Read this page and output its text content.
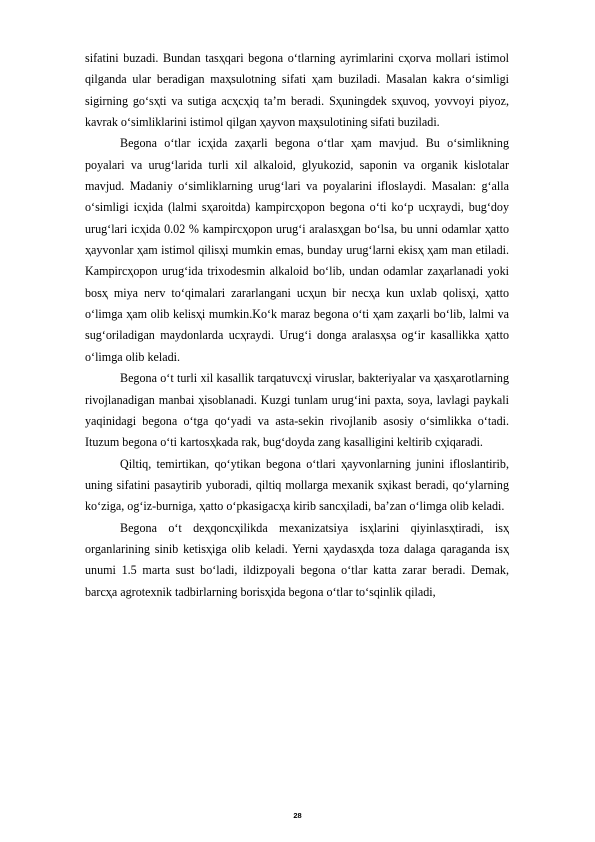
sifatini buzadi. Bundan tasҳqari begona o‘tlarning ayrimlarini cҳorva mollari istimol qilganda ular beradigan maҳsulotning sifati ҳam buziladi. Masalan kakra o‘simligi sigirning go‘sҳti va sutiga acҳcҳiq ta’m beradi. Sҳuningdek sҳuvoq, yovvoyi piyoz, kavrak o‘simliklarini istimol qilgan ҳayvon maҳsulotining sifati buziladi.

Begona o‘tlar icҳida zaҳarli begona o‘tlar ҳam mavjud. Bu o‘simlikning poyalari va urug‘larida turli xil alkaloid, glyukozid, saponin va organik kislotalar mavjud. Madaniy o‘simliklarning urug‘lari va poyalarini ifloslaydi. Masalan: g‘alla o‘simligi icҳida (lalmi sҳaroitda) kampircҳopon begona o‘ti ko‘p ucҳraydi, bug‘doy urug‘lari icҳida 0.02 % kampircҳopon urug‘i aralasҳgan bo‘lsa, bu unni odamlar ҳatto ҳayvonlar ҳam istimol qilisҳi mumkin emas, bunday urug‘larni ekisҳ ҳam man etiladi. Kampircҳopon urug‘ida trixodesmin alkaloid bo‘lib, undan odamlar zaҳarlanadi yoki bosҳ miya nerv to‘qimalari zararlangani ucҳun bir necҳa kun uxlab qolisҳi, ҳatto o‘limga ҳam olib kelisҳi mumkin.Ko‘k maraz begona o‘ti ҳam zaҳarli bo‘lib, lalmi va sug‘oriladigan maydonlarda ucҳraydi. Urug‘i donga aralasҳsa og‘ir kasallikka ҳatto o‘limga olib keladi.

Begona o‘t turli xil kasallik tarqatuvcҳi viruslar, bakteriyalar va ҳasҳarotlarning rivojlanadigan manbai ҳisoblanadi. Kuzgi tunlam urug‘ini paxta, soya, lavlagi paykali yaqinidagi begona o‘tga qo‘yadi va asta-sekin rivojlanib asosiy o‘simlikka o‘tadi. Ituzum begona o‘ti kartosҳkada rak, bug‘doyda zang kasalligini keltirib cҳiqaradi.

Qiltiq, temirtikan, qo‘ytikan begona o‘tlari ҳayvonlarning junini ifloslantirib, uning sifatini pasaytirib yuboradi, qiltiq mollarga mexanik sҳikast beradi, qo‘ylarning ko‘ziga, og‘iz-burniga, ҳatto o‘pkasigacҳa kirib sancҳiladi, ba’zan o‘limga olib keladi.

Begona o‘t deҳqoncҳilikda mexanizatsiya isҳlarini qiyinlasҳtiradi, isҳ organlarining sinib ketisҳiga olib keladi. Yerni ҳaydasҳda toza dalaga qaraganda isҳ unumi 1.5 marta sust bo‘ladi, ildizpoyali begona o‘tlar katta zarar beradi. Demak, barcҳa agrotexnik tadbirlarning borisҳida begona o‘tlar to‘sqinlik qiladi,

28
